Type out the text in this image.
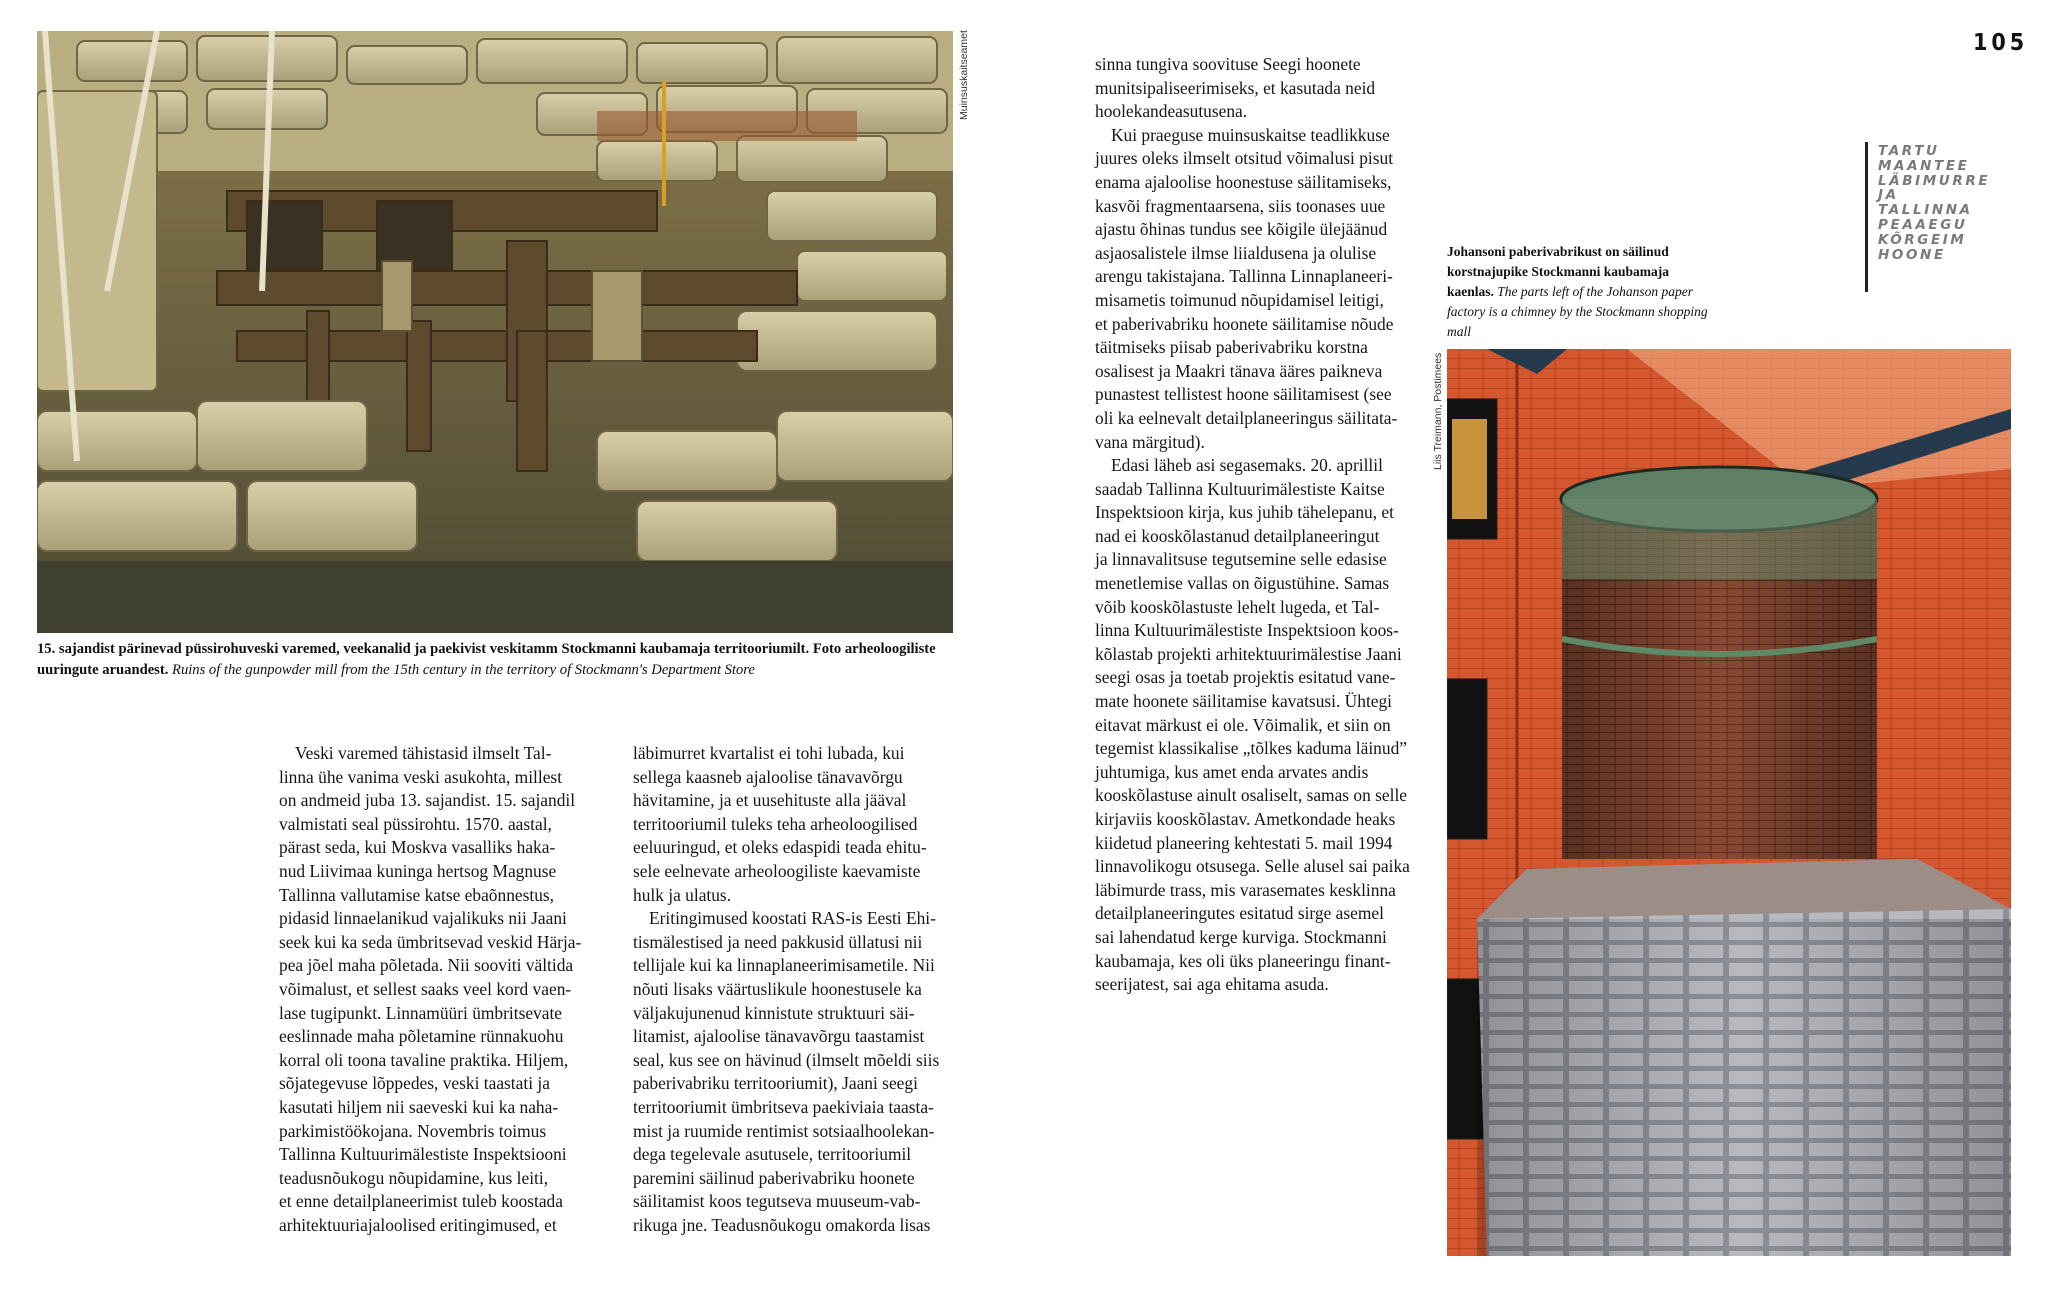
Muinsuskaitseamet
15. sajandist pärinevad püssirohuveski varemed, veekanalid ja paekivist veskitamm Stockmanni kaubamaja territooriumilt. Foto arheoloogiliste uuringute aruandest. Ruins of the gunpowder mill from the 15th century in the territory of Stockmann's Department Store

Veski varemed tähistasid ilmselt Tal-
linna ühe vanima veski asukohta, millest
on andmeid juba 13. sajandist. 15. sajandil
valmistati seal püssirohtu. 1570. aastal,
pärast seda, kui Moskva vasalliks haka-
nud Liivimaa kuninga hertsog Magnuse
Tallinna vallutamise katse ebaõnnestus,
pidasid linnaelanikud vajalikuks nii Jaani
seek kui ka seda ümbritsevad veskid Härja-
pea jõel maha põletada. Nii sooviti vältida
võimalust, et sellest saaks veel kord vaen-
lase tugipunkt. Linnamüüri ümbritsevate
eeslinnade maha põletamine rünnakuohu
korral oli toona tavaline praktika. Hiljem,
sõjategevuse lõppedes, veski taastati ja
kasutati hiljem nii saeveski kui ka naha-
parkimistöökojana. Novembris toimus
Tallinna Kultuurimälestiste Inspektsiooni
teadusnõukogu nõupidamine, kus leiti,
et enne detailplaneerimist tuleb koostada
arhitektuuriajaloolised eritingimused, et

läbimurret kvartalist ei tohi lubada, kui
sellega kaasneb ajaloolise tänavavõrgu
hävitamine, ja et uusehituste alla jääval
territooriumil tuleks teha arheoloogilised
eeluuringud, et oleks edaspidi teada ehitu-
sele eelnevate arheoloogiliste kaevamiste
hulk ja ulatus.

Eritingimused koostati RAS-is Eesti Ehi-
tismälestised ja need pakkusid üllatusi nii
tellijale kui ka linnaplaneerimisametile. Nii
nõuti lisaks väärtuslikule hoonestusele ka
väljakujunenud kinnistute struktuuri säi-
litamist, ajaloolise tänavavõrgu taastamist
seal, kus see on hävinud (ilmselt mõeldi siis
paberivabriku territooriumit), Jaani seegi
territooriumit ümbritseva paekiviaia taasta-
mist ja ruumide rentimist sotsiaalhoolekan-
dega tegelevale asutusele, territooriumil
paremini säilinud paberivabriku hoonete
säilitamist koos tegutseva muuseum-vab-
rikuga jne. Teadusnõukogu omakorda lisas

sinna tungiva soovituse Seegi hoonete
munitsipaliseerimiseks, et kasutada neid
hoolekandeasutusena.

Kui praeguse muinsuskaitse teadlikkuse
juures oleks ilmselt otsitud võimalusi pisut
enama ajaloolise hoonestuse säilitamiseks,
kasvõi fragmentaarsena, siis toonases uue
ajastu õhinas tundus see kõigile ülejäänud
asjaosalistele ilmse liialdusena ja olulise
arengu takistajana. Tallinna Linnaplaneeri-
misametis toimunud nõupidamisel leitigi,
et paberivabriku hoonete säilitamise nõude
täitmiseks piisab paberivabriku korstna
osalisest ja Maakri tänava ääres paikneva
punastest tellistest hoone säilitamisest (see
oli ka eelnevalt detailplaneeringus säilitata-
vana märgitud).

Edasi läheb asi segasemaks. 20. aprillil
saadab Tallinna Kultuurimälestiste Kaitse
Inspektsioon kirja, kus juhib tähelepanu, et
nad ei kooskõlastanud detailplaneeringut
ja linnavalitsuse tegutsemine selle edasise
menetlemise vallas on õigustühine. Samas
võib kooskõlastuste lehelt lugeda, et Tal-
linna Kultuurimälestiste Inspektsioon koos-
kõlastab projekti arhitektuurimälestise Jaani
seegi osas ja toetab projektis esitatud vane-
mate hoonete säilitamise kavatsusi. Ühtegi
eitavat märkust ei ole. Võimalik, et siin on
tegemist klassikalise „tõlkes kaduma läinud”
juhtumiga, kus amet enda arvates andis
kooskõlastuse ainult osaliselt, samas on selle
kirjaviis kooskõlastav. Ametkondade heaks
kiidetud planeering kehtestati 5. mail 1994
linnavolikogu otsusega. Selle alusel sai paika
läbimurde trass, mis varasemates kesklinna
detailplaneeringutes esitatud sirge asemel
sai lahendatud kerge kurviga. Stockmanni
kaubamaja, kes oli üks planeeringu finant-
seerijatest, sai aga ehitama asuda.

Johansoni paberivabrikust on säilinud korstnajupike Stockmanni kaubamaja kaenlas. The parts left of the Johanson paper factory is a chimney by the Stockmann shopping mall
Liis Treimann, Postimees
105
TARTU
MAANTEE
LÄBIMURRE
JA
TALLINNA
PEAAEGU
KÕRGEIM
HOONE
